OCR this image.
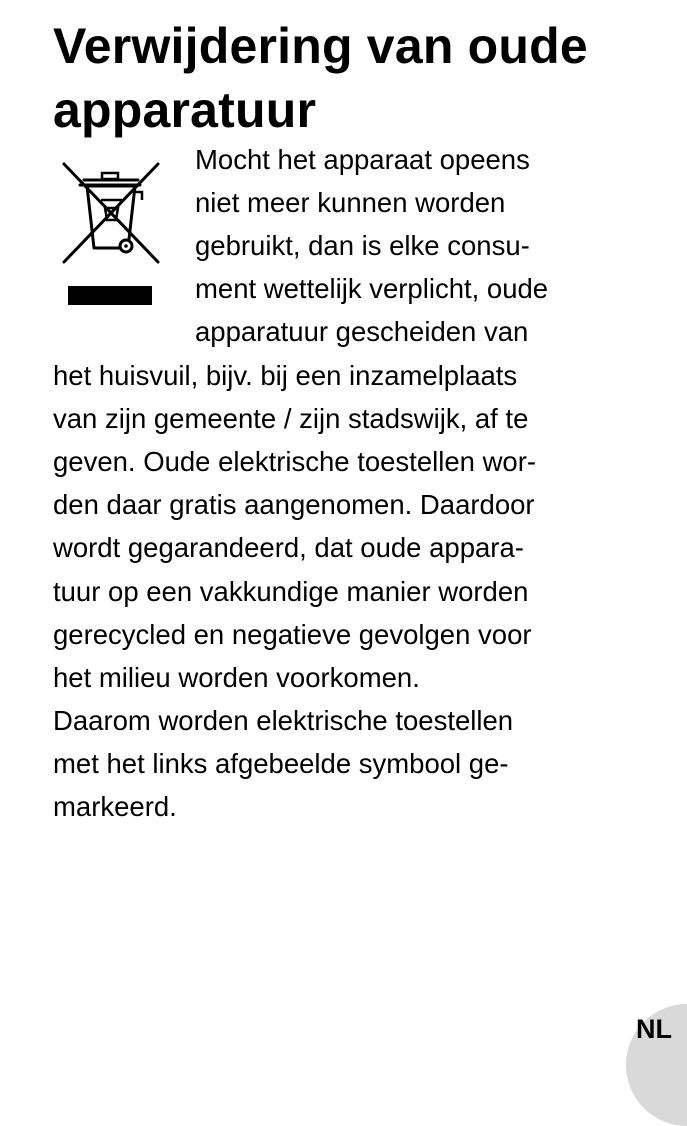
Verwijdering van oude apparatuur

Mocht het apparaat opeens

niet meer kunnen worden

gebruikt, dan is elke consu-

ment wettelijk verplicht, oude

apparatuur gescheiden van

het huisvuil, bijv. bij een inzamelplaats

van zijn gemeente / zijn stadswijk, af te

geven. Oude elektrische toestellen wor-

den daar gratis aangenomen. Daardoor

wordt gegarandeerd, dat oude appara-

tuur op een vakkundige manier worden

gerecycled en negatieve gevolgen voor

het milieu worden voorkomen.

Daarom worden elektrische toestellen

met het links afgebeelde symbool ge-

markeerd.

NL
